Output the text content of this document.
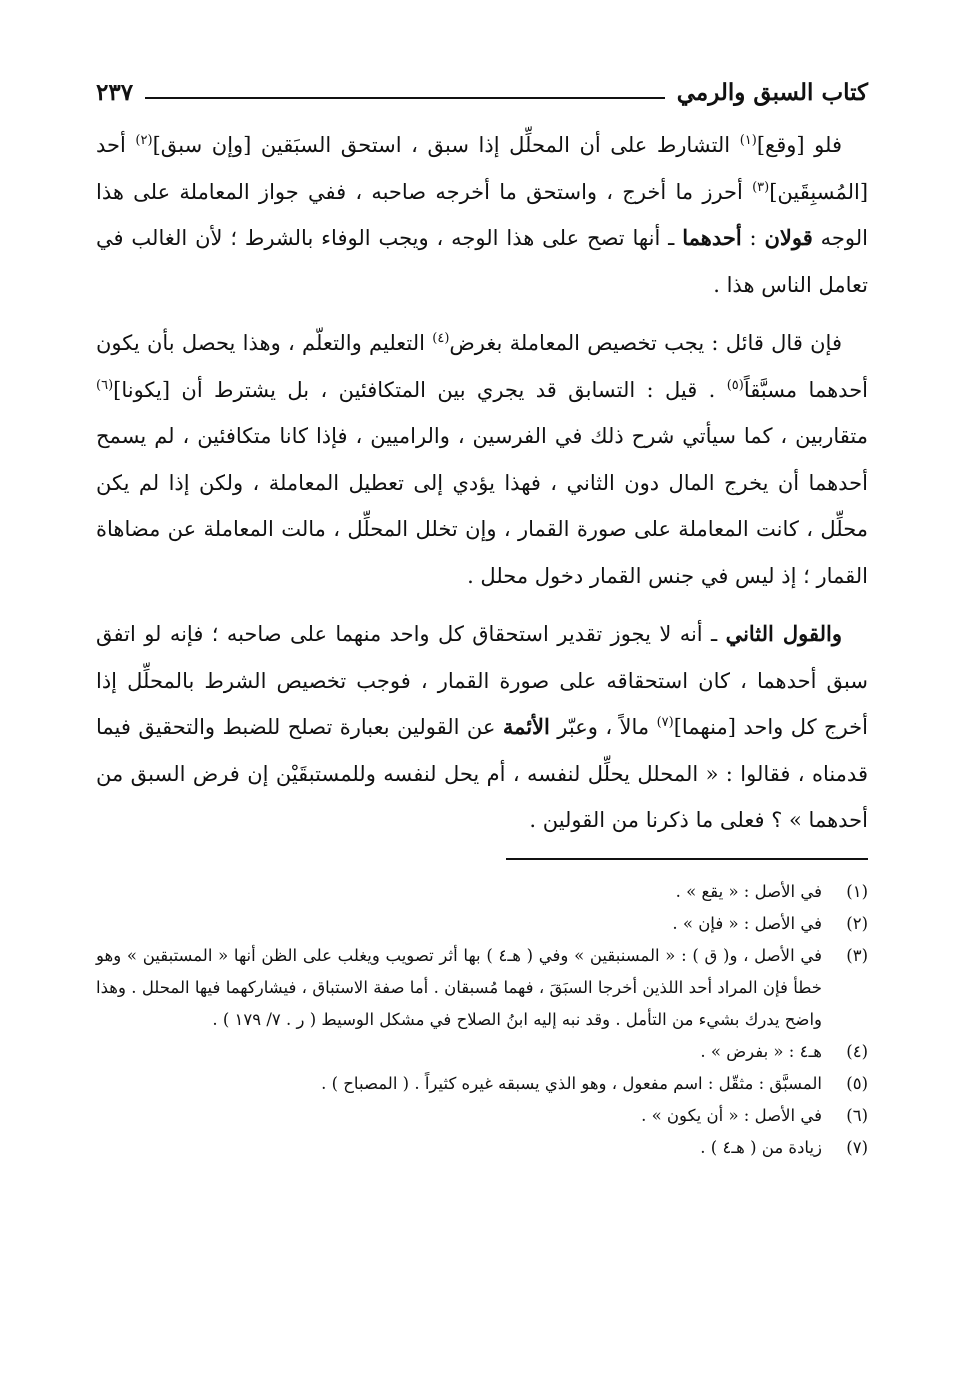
كتاب السبق والرمي
٢٣٧

فلو [وقع]$^{(١)}$ التشارط على أن المحلِّل إذا سبق ، استحق السبَقين [وإن سبق]$^{(٢)}$ أحد [المُسبِقَين]$^{(٣)}$ أحرز ما أخرج ، واستحق ما أخرجه صاحبه ، ففي جواز المعاملة على هذا الوجه قولان : أحدهما ـ أنها تصح على هذا الوجه ، ويجب الوفاء بالشرط ؛ لأن الغالب في تعامل الناس هذا .

فإن قال قائل : يجب تخصيص المعاملة بغرض$^{(٤)}$ التعليم والتعلّم ، وهذا يحصل بأن يكون أحدهما مسبَّقاً$^{(٥)}$ . قيل : التسابق قد يجري بين المتكافئين ، بل يشترط أن [يكونا]$^{(٦)}$ متقاربين ، كما سيأتي شرح ذلك في الفرسين ، والراميين ، فإذا كانا متكافئين ، لم يسمح أحدهما أن يخرج المال دون الثاني ، فهذا يؤدي إلى تعطيل المعاملة ، ولكن إذا لم يكن محلِّل ، كانت المعاملة على صورة القمار ، وإن تخلل المحلِّل ، مالت المعاملة عن مضاهاة القمار ؛ إذ ليس في جنس القمار دخول محلل .

والقول الثاني ـ أنه لا يجوز تقدير استحقاق كل واحد منهما على صاحبه ؛ فإنه لو اتفق سبق أحدهما ، كان استحقاقه على صورة القمار ، فوجب تخصيص الشرط بالمحلِّل إذا أخرج كل واحد [منهما]$^{(٧)}$ مالاً ، وعبّر الأئمة عن القولين بعبارة تصلح للضبط والتحقيق فيما قدمناه ، فقالوا : « المحلل يحلِّل لنفسه ، أم يحل لنفسه وللمستبقَيْن إن فرض السبق من أحدهما » ؟ فعلى ما ذكرنا من القولين .

(١)
في الأصل : « يقع » .
(٢)
في الأصل : « فإن » .
(٣)
في الأصل ، و( ق ) : « المسنبقين » وفي ( هـ٤ ) بها أثر تصويب ويغلب على الظن أنها « المستبقين » وهو خطأ فإن المراد أحد اللذين أخرجا السبَقَ ، فهما مُسبقان . أما صفة الاستباق ، فيشاركهما فيها المحلل . وهذا واضح يدرك بشيء من التأمل . وقد نبه إليه ابنُ الصلاح في مشكل الوسيط ( ر . ٧/ ١٧٩ ) .
(٤)
هـ٤ : « بفرض » .
(٥)
المسبَّق : مثقّل : اسم مفعول ، وهو الذي يسبقه غيره كثيراً . ( المصباح ) .
(٦)
في الأصل : « أن يكون » .
(٧)
زيادة من ( هـ٤ ) .
